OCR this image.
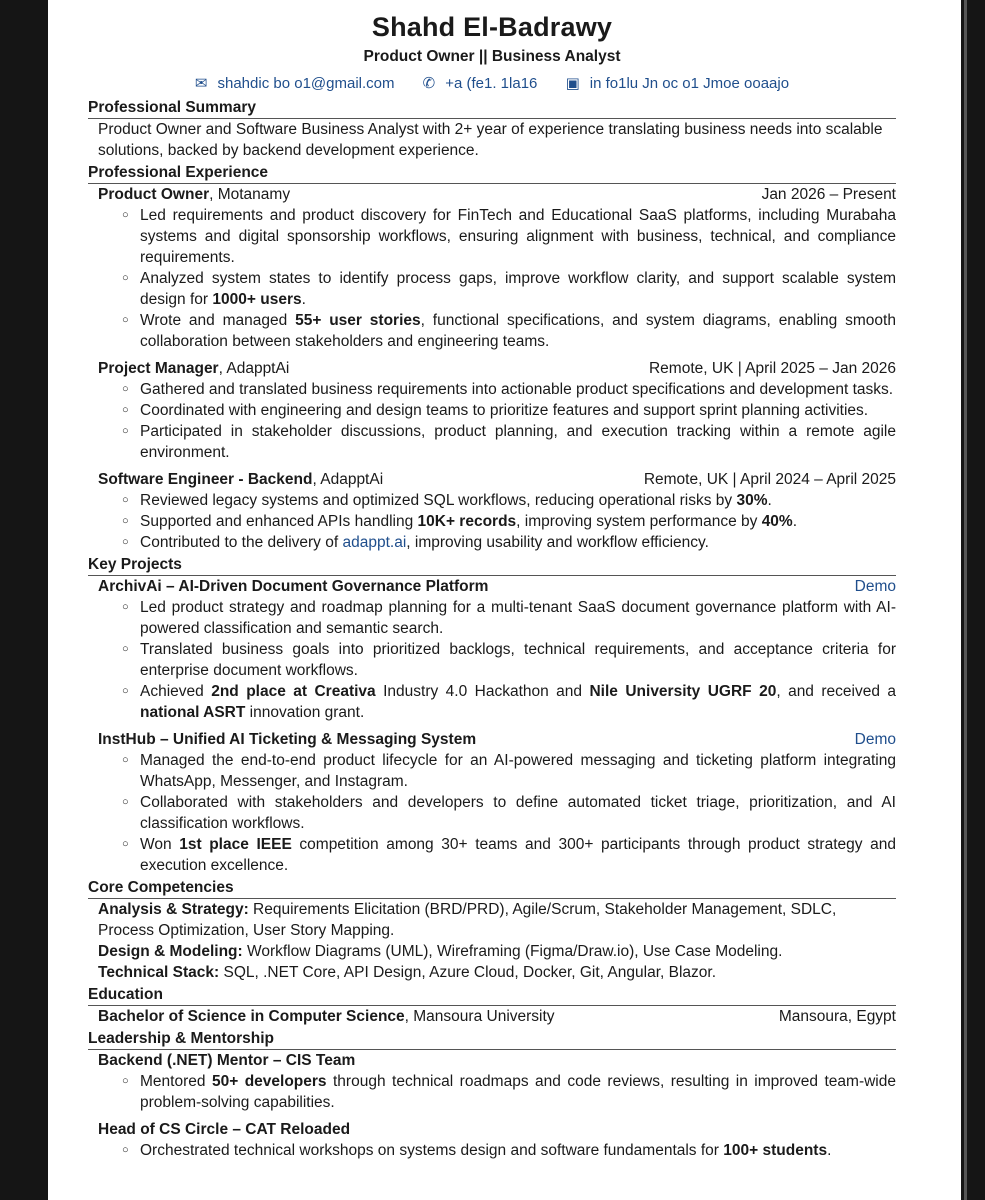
Shahd El-Badrawy
Product Owner || Business Analyst
✉ shahdic bo o1@gmail.com ✆ +a (fe1. 1la16 ▣ in fo1lu Jn oc o1 Jmoe ooaajo
Professional Summary
Product Owner and Software Business Analyst with 2+ year of experience translating business needs into scalable solutions, backed by backend development experience.
Professional Experience
Product Owner, Motanamy	Jan 2026 – Present
○ Led requirements and product discovery for FinTech and Educational SaaS platforms, including Murabaha systems and digital sponsorship workflows, ensuring alignment with business, technical, and compliance requirements.
○ Analyzed system states to identify process gaps, improve workflow clarity, and support scalable system design for 1000+ users.
○ Wrote and managed 55+ user stories, functional specifications, and system diagrams, enabling smooth collaboration between stakeholders and engineering teams.
Project Manager, AdapptAi	Remote, UK | April 2025 – Jan 2026
○ Gathered and translated business requirements into actionable product specifications and development tasks.
○ Coordinated with engineering and design teams to prioritize features and support sprint planning activities.
○ Participated in stakeholder discussions, product planning, and execution tracking within a remote agile environment.
Software Engineer - Backend, AdapptAi	Remote, UK | April 2024 – April 2025
○ Reviewed legacy systems and optimized SQL workflows, reducing operational risks by 30%.
○ Supported and enhanced APIs handling 10K+ records, improving system performance by 40%.
○ Contributed to the delivery of adappt.ai, improving usability and workflow efficiency.
Key Projects
ArchivAi – AI-Driven Document Governance Platform	Demo
○ Led product strategy and roadmap planning for a multi-tenant SaaS document governance platform with AI-powered classification and semantic search.
○ Translated business goals into prioritized backlogs, technical requirements, and acceptance criteria for enterprise document workflows.
○ Achieved 2nd place at Creativa Industry 4.0 Hackathon and Nile University UGRF 20, and received a national ASRT innovation grant.
InstHub – Unified AI Ticketing & Messaging System	Demo
○ Managed the end-to-end product lifecycle for an AI-powered messaging and ticketing platform integrating WhatsApp, Messenger, and Instagram.
○ Collaborated with stakeholders and developers to define automated ticket triage, prioritization, and AI classification workflows.
○ Won 1st place IEEE competition among 30+ teams and 300+ participants through product strategy and execution excellence.
Core Competencies
Analysis & Strategy: Requirements Elicitation (BRD/PRD), Agile/Scrum, Stakeholder Management, SDLC, Process Optimization, User Story Mapping.
Design & Modeling: Workflow Diagrams (UML), Wireframing (Figma/Draw.io), Use Case Modeling.
Technical Stack: SQL, .NET Core, API Design, Azure Cloud, Docker, Git, Angular, Blazor.
Education
Bachelor of Science in Computer Science, Mansoura University	Mansoura, Egypt
Leadership & Mentorship
Backend (.NET) Mentor – CIS Team
○ Mentored 50+ developers through technical roadmaps and code reviews, resulting in improved team-wide problem-solving capabilities.
Head of CS Circle – CAT Reloaded
○ Orchestrated technical workshops on systems design and software fundamentals for 100+ students.
